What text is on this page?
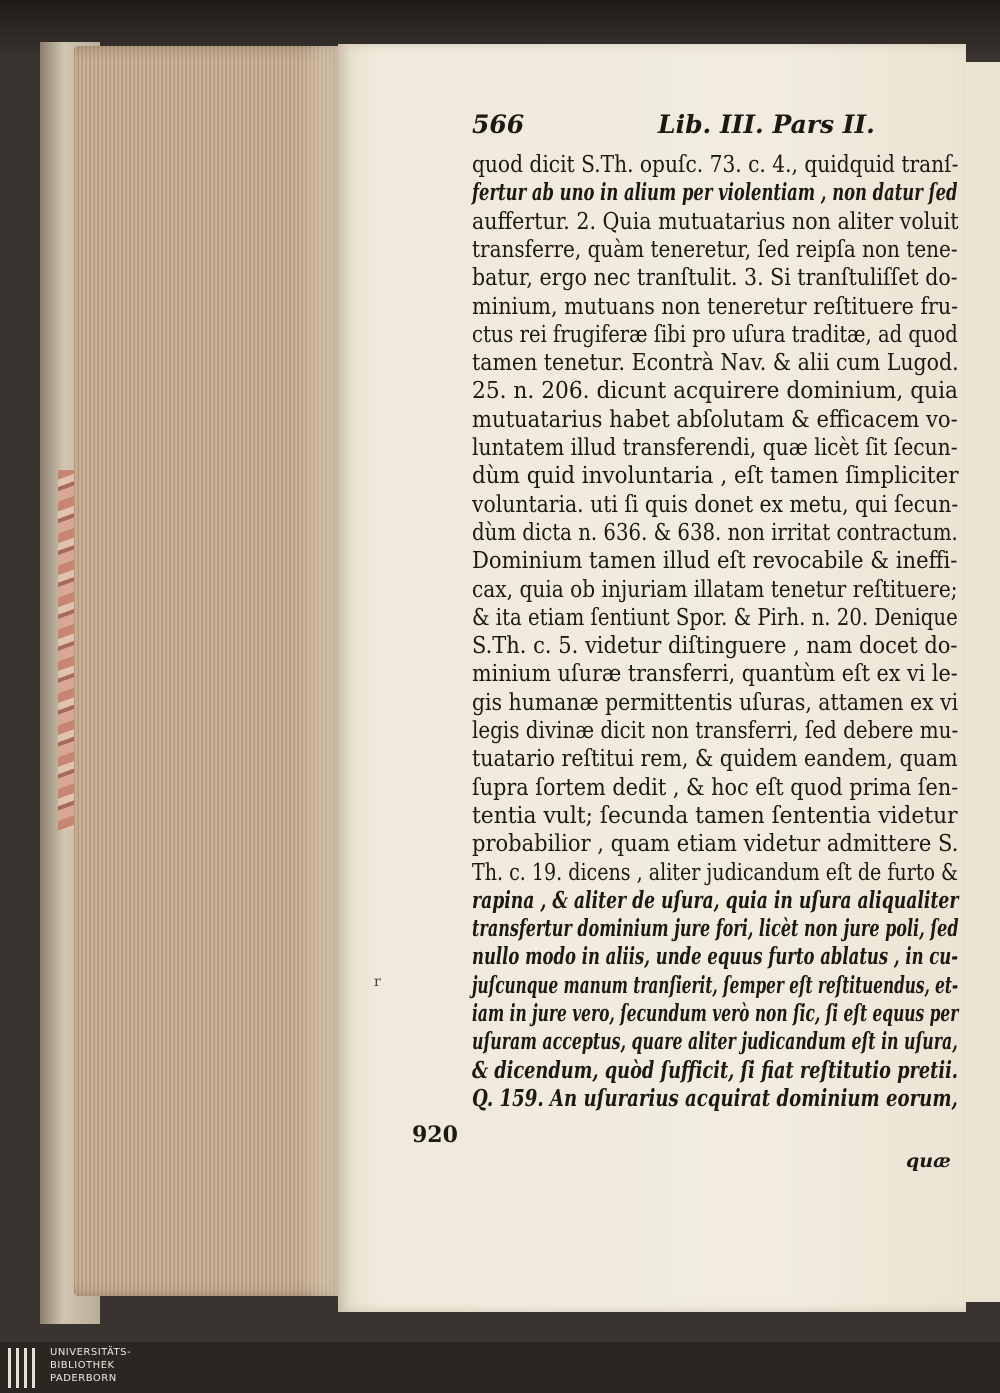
566	Lib. III. Pars II.
quod dicit S.Th. opuſc. 73. c. 4., quidquid tranſ-
fertur ab uno in alium per violentiam , non datur ſed
auffertur. 2. Quia mutuatarius non aliter voluit
transferre, quàm teneretur, ſed reipſa non tene-
batur, ergo nec tranſtulit. 3. Si tranſtuliſſet do-
minium, mutuans non teneretur reſtituere fru-
ctus rei frugiferæ ſibi pro uſura traditæ, ad quod
tamen tenetur. Econtrà Nav. & alii cum Lugod.
25. n. 206. dicunt acquirere dominium, quia
mutuatarius habet abſolutam & efficacem vo-
luntatem illud transferendi, quæ licèt ſit ſecun-
dùm quid involuntaria , eſt tamen ſimpliciter
voluntaria. uti ſi quis donet ex metu, qui ſecun-
dùm dicta n. 636. & 638. non irritat contractum.
Dominium tamen illud eſt revocabile & ineffi-
cax, quia ob injuriam illatam tenetur reſtituere;
& ita etiam ſentiunt Spor. & Pirh. n. 20. Denique
S.Th. c. 5. videtur diſtinguere , nam docet do-
minium uſuræ transferri, quantùm eſt ex vi le-
gis humanæ permittentis uſuras, attamen ex vi
legis divinæ dicit non transferri, ſed debere mu-
tuatario reſtitui rem, & quidem eandem, quam
ſupra ſortem dedit , & hoc eſt quod prima ſen-
tentia vult; ſecunda tamen ſententia videtur
probabilior , quam etiam videtur admittere S.
Th. c. 19. dicens , aliter judicandum eſt de furto &
rapina , & aliter de uſura, quia in uſura aliqualiter
transfertur dominium jure fori, licèt non jure poli, ſed
nullo modo in aliis, unde equus furto ablatus , in cu-
juſcunque manum tranſierit, ſemper eſt reſtituendus, et-
iam in jure vero, ſecundum verò non ſic, ſi eſt equus per
uſuram acceptus, quare aliter judicandum eſt in uſura,
& dicendum, quòd ſufficit, ſi fiat reſtitutio pretii.
Q. 159. An uſurarius acquirat dominium eorum,
r
920
quæ
UNIVERSITÄTS-
BIBLIOTHEK
PADERBORN
